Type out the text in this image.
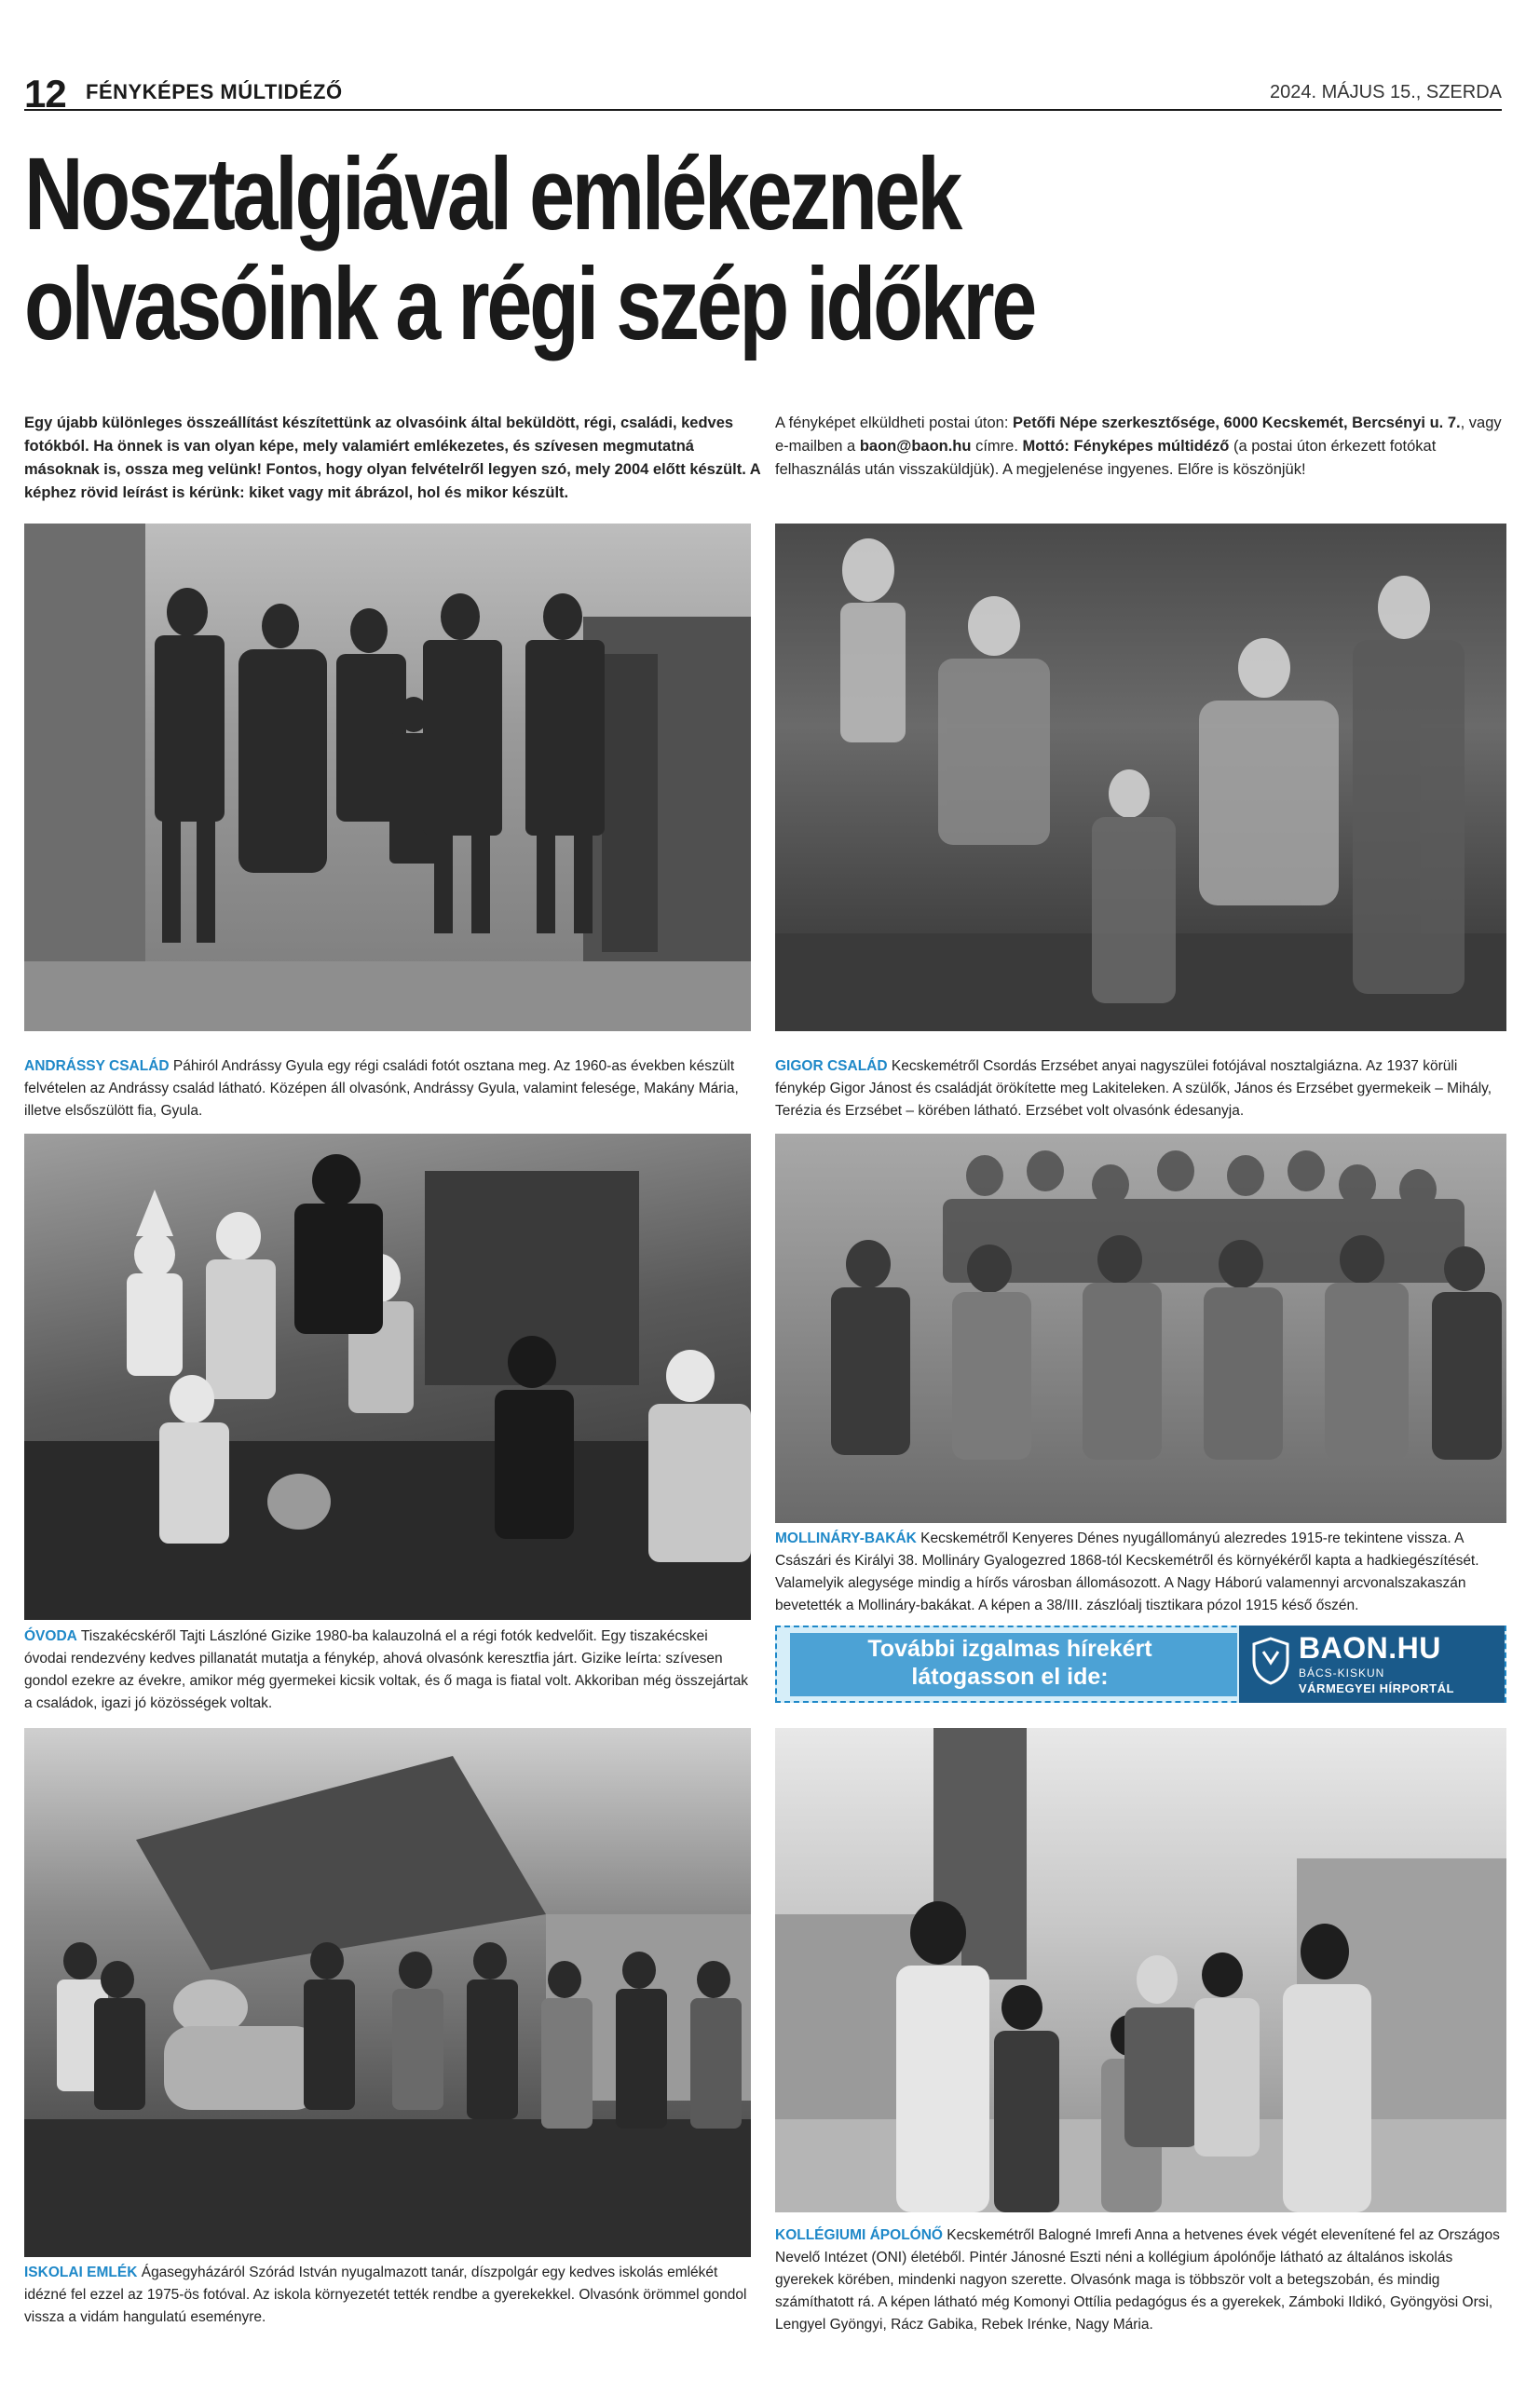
12 FÉNYKÉPES MÚLTIDÉZŐ	2024. MÁJUS 15., SZERDA
Nosztalgiával emlékeznek
olvasóink a régi szép időkre
Egy újabb különleges összeállítást készítettünk az olvasóink által beküldött, régi, családi, kedves fotókból. Ha önnek is van olyan képe, mely valamiért emlékezetes, és szívesen megmutatná másoknak is, ossza meg velünk! Fontos, hogy olyan felvételről legyen szó, mely 2004 előtt készült. A képhez rövid leírást is kérünk: kiket vagy mit ábrázol, hol és mikor készült.
A fényképet elküldheti postai úton: Petőfi Népe szerkesztősége, 6000 Kecskemét, Bercsényi u. 7., vagy e-mailben a baon@baon.hu címre. Mottó: Fényképes múltidéző (a postai úton érkezett fotókat felhasználás után visszaküldjük). A megjelenése ingyenes. Előre is köszönjük!
ANDRÁSSY CSALÁD Páhiról Andrássy Gyula egy régi családi fotót osztana meg. Az 1960-as években készült felvételen az Andrássy család látható. Középen áll olvasónk, Andrássy Gyula, valamint felesége, Makány Mária, illetve elsőszülött fia, Gyula.
GIGOR CSALÁD Kecskemétről Csordás Erzsébet anyai nagyszülei fotójával nosztalgiázna. Az 1937 körüli fénykép Gigor Jánost és családját örökítette meg Lakiteleken. A szülők, János és Erzsébet gyermekeik – Mihály, Terézia és Erzsébet – körében látható. Erzsébet volt olvasónk édesanyja.
MOLLINÁRY-BAKÁK Kecskemétről Kenyeres Dénes nyugállományú alezredes 1915-re tekintene vissza. A Császári és Királyi 38. Mollináry Gyalogezred 1868-tól Kecskemétről és környékéről kapta a hadkiegészítését. Valamelyik alegysége mindig a hírős városban állomásozott. A Nagy Háború valamennyi arcvonalszakaszán bevetették a Mollináry-bakákat. A képen a 38/III. zászlóalj tisztikara pózol 1915 késő őszén.
További izgalmas hírekért
látogasson el ide:
BAON.HU
BÁCS-KISKUN
VÁRMEGYEI HÍRPORTÁL
ÓVODA Tiszakécskéről Tajti Lászlóné Gizike 1980-ba kalauzolná el a régi fotók kedvelőit. Egy tiszakécskei óvodai rendezvény kedves pillanatát mutatja a fénykép, ahová olvasónk keresztfia járt. Gizike leírta: szívesen gondol ezekre az évekre, amikor még gyermekei kicsik voltak, és ő maga is fiatal volt. Akkoriban még összejártak a családok, igazi jó közösségek voltak.
ISKOLAI EMLÉK Ágasegyházáról Szórád István nyugalmazott tanár, díszpolgár egy kedves iskolás emlékét idézné fel ezzel az 1975-ös fotóval. Az iskola környezetét tették rendbe a gyerekekkel. Olvasónk örömmel gondol vissza a vidám hangulatú eseményre.
KOLLÉGIUMI ÁPOLÓNŐ Kecskemétről Balogné Imrefi Anna a hetvenes évek végét elevenítené fel az Országos Nevelő Intézet (ONI) életéből. Pintér Jánosné Eszti néni a kollégium ápolónője látható az általános iskolás gyerekek körében, mindenki nagyon szerette. Olvasónk maga is többször volt a betegszobán, és mindig számíthatott rá. A képen látható még Komonyi Ottília pedagógus és a gyerekek, Zámboki Ildikó, Gyöngyösi Orsi, Lengyel Gyöngyi, Rácz Gabika, Rebek Irénke, Nagy Mária.
